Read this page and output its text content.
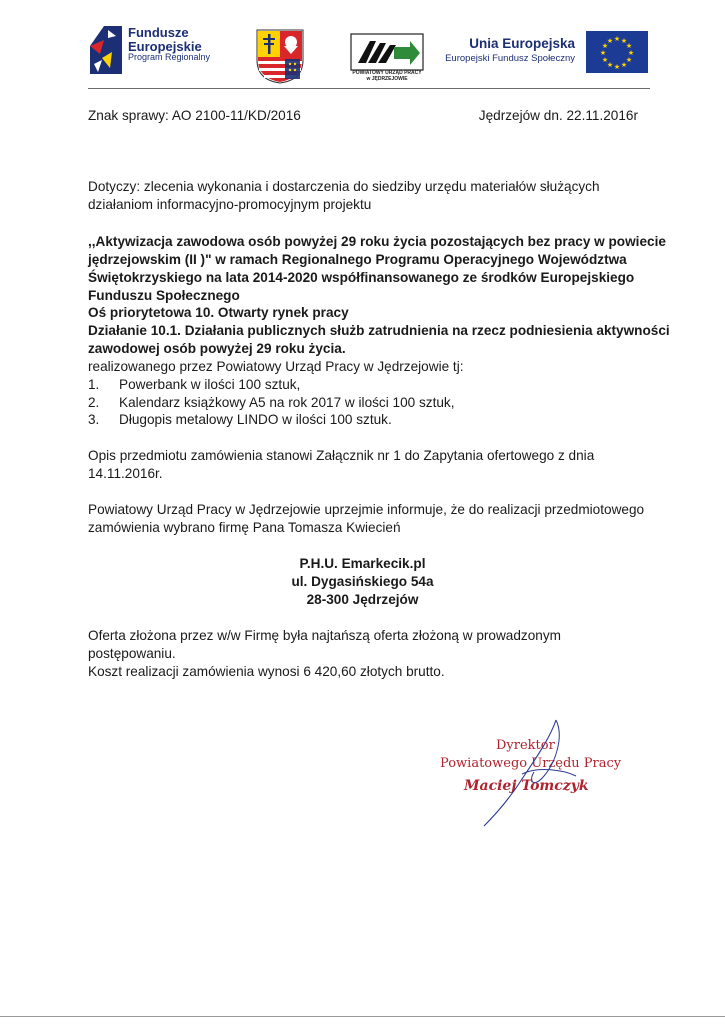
Fundusze
Europejskie
Program Regionalny
POWIATOWY URZĄD PRACY
w JĘDRZEJOWIE
Unia Europejska
Europejski Fundusz Społeczny
★ ★
★
★
★
★
★
★
★
★
★
★
Znak sprawy: AO 2100-11/KD/2016	Jędrzejów dn. 22.11.2016r
Dotyczy: zlecenia wykonania i dostarczenia do siedziby urzędu materiałów służących
działaniom informacyjno-promocyjnym projektu
,,Aktywizacja zawodowa osób powyżej 29 roku życia pozostających bez pracy w powiecie
jędrzejowskim (II )" w ramach Regionalnego Programu Operacyjnego Województwa
Świętokrzyskiego na lata 2014-2020 współfinansowanego ze środków Europejskiego
Funduszu Społecznego
Oś priorytetowa 10. Otwarty rynek pracy
Działanie 10.1. Działania publicznych służb zatrudnienia na rzecz podniesienia aktywności
zawodowej osób powyżej 29 roku życia.
realizowanego przez Powiatowy Urząd Pracy w Jędrzejowie tj:
1. Powerbank w ilości 100 sztuk,
2. Kalendarz książkowy A5 na rok 2017 w ilości 100 sztuk,
3. Długopis metalowy LINDO w ilości 100 sztuk.
Opis przedmiotu zamówienia stanowi Załącznik nr 1 do Zapytania ofertowego z dnia
14.11.2016r.
Powiatowy Urząd Pracy w Jędrzejowie uprzejmie informuje, że do realizacji przedmiotowego
zamówienia wybrano firmę Pana Tomasza Kwiecień
P.H.U. Emarkecik.pl
ul. Dygasińskiego 54a
28-300 Jędrzejów
Oferta złożona przez w/w Firmę była najtańszą oferta złożoną w prowadzonym
postępowaniu.
Koszt realizacji zamówienia wynosi 6 420,60 złotych brutto.
Dyrektor
Powiatowego Urzędu Pracy
Maciej Tomczyk
